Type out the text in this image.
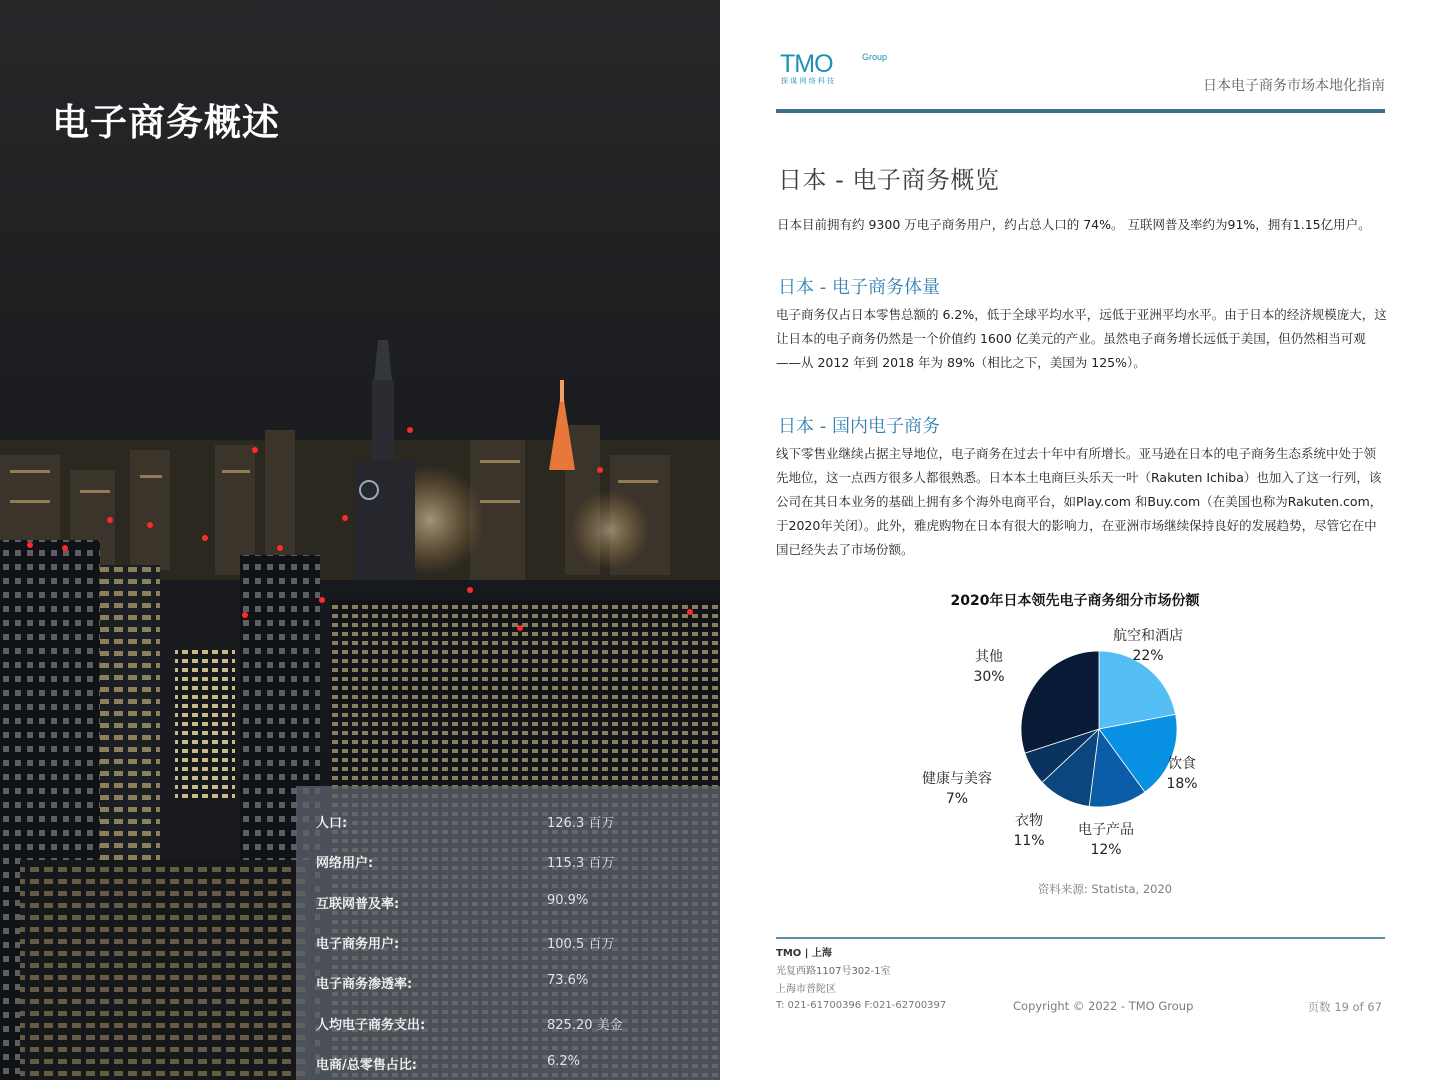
电子商务概述
人口:	126.3 百万
网络用户:	115.3 百万
互联网普及率:	90.9%
电子商务用户:	100.5 百万
电子商务渗透率:	73.6%
人均电子商务支出:	825.20 美金
电商/总零售占比:	6.2%
TMO	Group
探 谋 网 络 科 技	日本电子商务市场本地化指南
日本 - 电子商务概览

日本目前拥有约 9300 万电子商务用户，约占总人口的 74%。 互联网普及率约为91%，拥有1.15亿用户。

日本 - 电子商务体量

电子商务仅占日本零售总额的 6.2%，低于全球平均水平，远低于亚洲平均水平。由于日本的经济规模庞大，这让日本的电子商务仍然是一个价值约 1600 亿美元的产业。虽然电子商务增长远低于美国，但仍然相当可观——从 2012 年到 2018 年为 89%（相比之下，美国为 125%）。

日本 - 国内电子商务

线下零售业继续占据主导地位，电子商务在过去十年中有所增长。亚马逊在日本的电子商务生态系统中处于领先地位，这一点西方很多人都很熟悉。日本本土电商巨头乐天一叶（Rakuten Ichiba）也加入了这一行列，该公司在其日本业务的基础上拥有多个海外电商平台，如Play.com 和Buy.com（在美国也称为Rakuten.com，于2020年关闭）。此外，雅虎购物在日本有很大的影响力，在亚洲市场继续保持良好的发展趋势，尽管它在中国已经失去了市场份额。

2020年日本领先电子商务细分市场份额
航空和酒店
22%
饮食
18%
电子产品
12%
衣物
11%
健康与美容
7%
其他
30%
资料来源: Statista, 2020
TMO | 上海
光复西路1107号302-1室
上海市普陀区
T: 021-61700396 F:021-62700397	Copyright © 2022 - TMO Group	页数 19 of 67
